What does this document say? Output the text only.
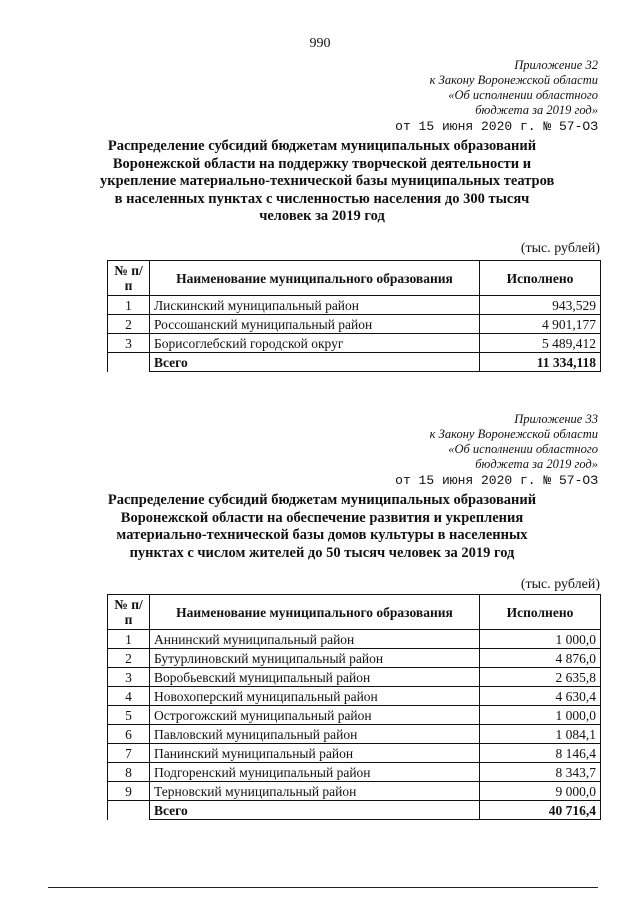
990
Приложение 32
к Закону Воронежской области
«Об исполнении областного
бюджета за 2019 год»
от 15 июня 2020 г. № 57-ОЗ
Распределение субсидий бюджетам муниципальных образований
Воронежской области на поддержку творческой деятельности и
укрепление материально-технической базы муниципальных театров
в населенных пунктах с численностью населения до 300 тысяч
человек за 2019 год
(тыс. рублей)
№ п/п	Наименование муниципального образования	Исполнено
1	Лискинский муниципальный район	943,529
2	Россошанский муниципальный район	4 901,177
3	Борисоглебский городской округ	5 489,412
	Всего	11 334,118
Приложение 33
к Закону Воронежской области
«Об исполнении областного
бюджета за 2019 год»
от 15 июня 2020 г. № 57-ОЗ
Распределение субсидий бюджетам муниципальных образований
Воронежской области на обеспечение развития и укрепления
материально-технической базы домов культуры в населенных
пунктах с числом жителей до 50 тысяч человек за 2019 год
(тыс. рублей)
№ п/п	Наименование муниципального образования	Исполнено
1	Аннинский муниципальный район	1 000,0
2	Бутурлиновский муниципальный район	4 876,0
3	Воробьевский муниципальный район	2 635,8
4	Новохоперский муниципальный район	4 630,4
5	Острогожский муниципальный район	1 000,0
6	Павловский муниципальный район	1 084,1
7	Панинский муниципальный район	8 146,4
8	Подгоренский муниципальный район	8 343,7
9	Терновский муниципальный район	9 000,0
	Всего	40 716,4
